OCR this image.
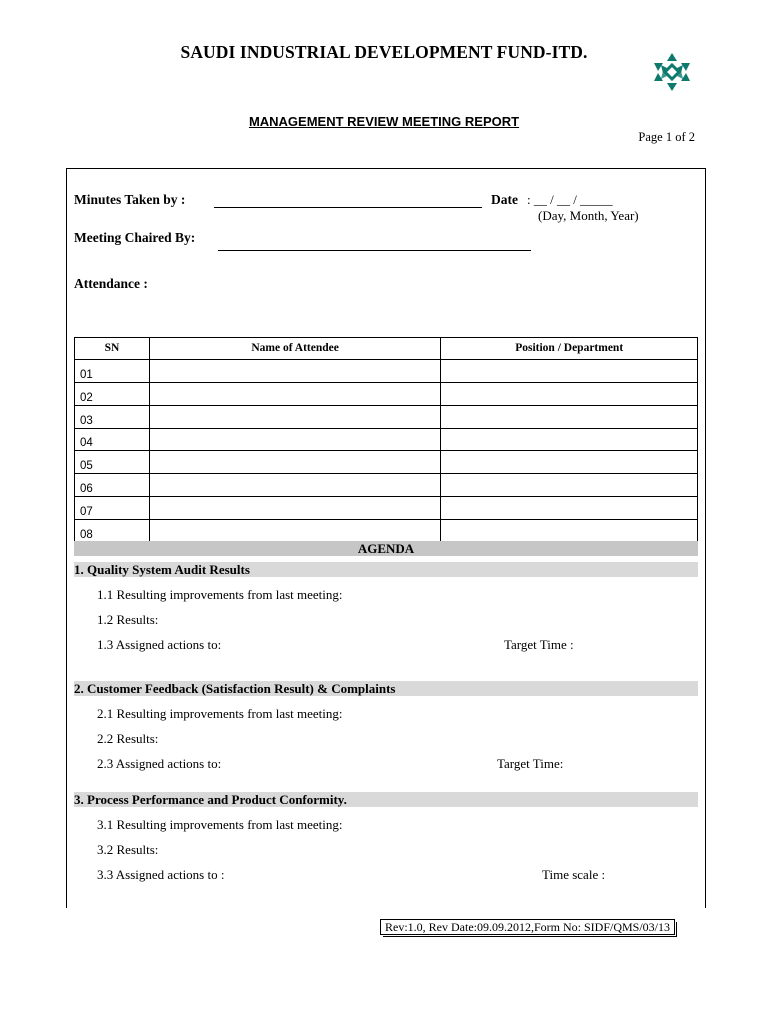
SAUDI INDUSTRIAL DEVELOPMENT FUND-ITD.
MANAGEMENT REVIEW MEETING REPORT
Page 1 of 2
Minutes Taken by :	Date : __ / __ / _____
(Day, Month, Year)
Meeting Chaired By:
Attendance :
SN	Name of Attendee	Position / Department
01		
02		
03		
04		
05		
06		
07		
08		
AGENDA
1. Quality System Audit Results
1.1 Resulting improvements from last meeting:
1.2 Results:
1.3 Assigned actions to:	Target Time :
2. Customer Feedback (Satisfaction Result) & Complaints
2.1 Resulting improvements from last meeting:
2.2 Results:
2.3 Assigned actions to:	Target Time:
3. Process Performance and Product Conformity.
3.1 Resulting improvements from last meeting:
3.2 Results:
3.3 Assigned actions to :	Time scale :
Rev:1.0, Rev Date:09.09.2012,Form No: SIDF/QMS/03/13
